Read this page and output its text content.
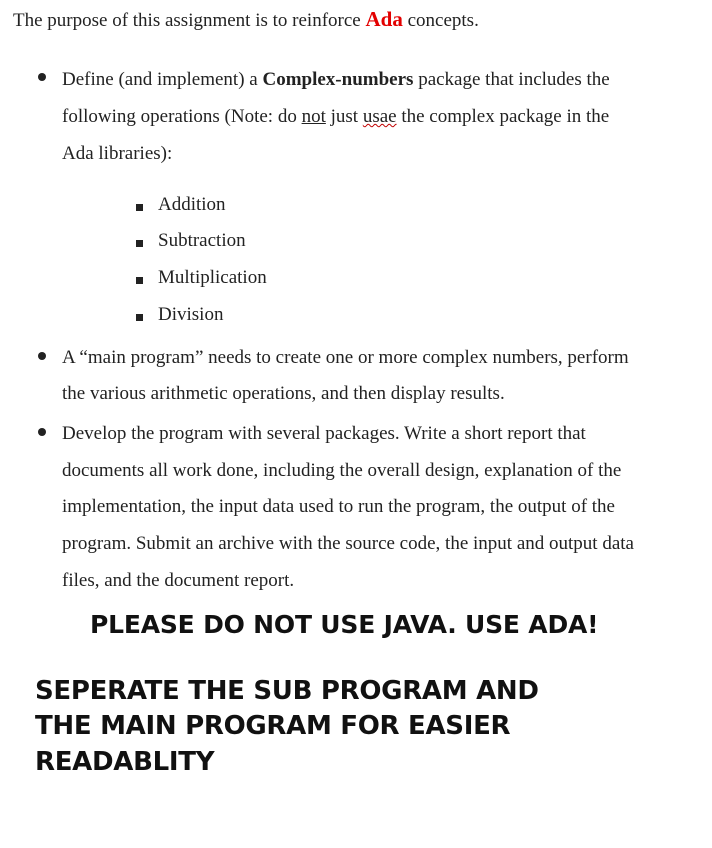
The purpose of this assignment is to reinforce Ada concepts.
Define (and implement) a Complex-numbers package that includes the
following operations (Note: do not just usae the complex package in the
Ada libraries):
Addition
Subtraction
Multiplication
Division
A “main program” needs to create one or more complex numbers, perform
the various arithmetic operations, and then display results.
Develop the program with several packages. Write a short report that
documents all work done, including the overall design, explanation of the
implementation, the input data used to run the program, the output of the
program. Submit an archive with the source code, the input and output data
files, and the document report.
PLEASE DO NOT USE JAVA. USE ADA!
SEPERATE THE SUB PROGRAM AND
THE MAIN PROGRAM FOR EASIER
READABLITY
